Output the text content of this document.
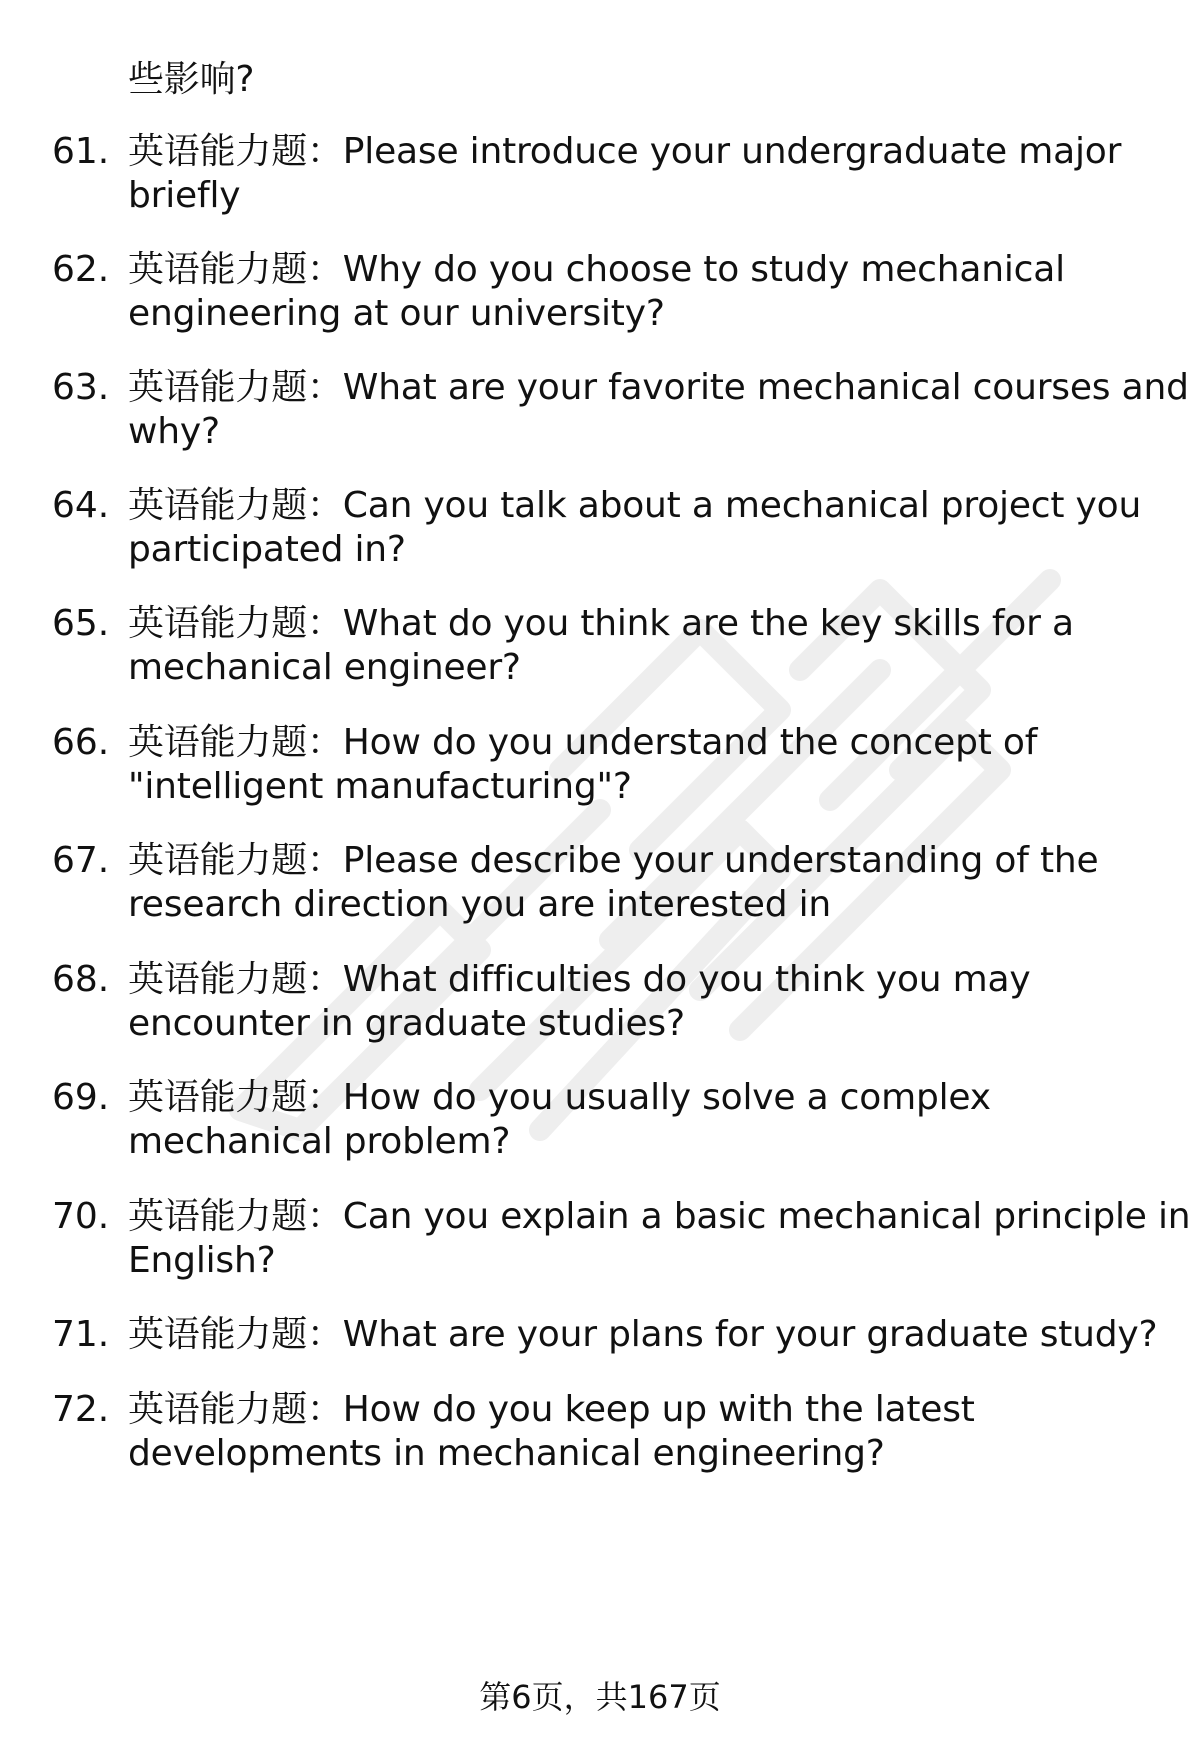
些影响?
61. 英语能力题：Please introduce your undergraduate major
briefly
62. 英语能力题：Why do you choose to study mechanical
engineering at our university?
63. 英语能力题：What are your favorite mechanical courses and
why?
64. 英语能力题：Can you talk about a mechanical project you
participated in?
65. 英语能力题：What do you think are the key skills for a
mechanical engineer?
66. 英语能力题：How do you understand the concept of
"intelligent manufacturing"?
67. 英语能力题：Please describe your understanding of the
research direction you are interested in
68. 英语能力题：What difficulties do you think you may
encounter in graduate studies?
69. 英语能力题：How do you usually solve a complex
mechanical problem?
70. 英语能力题：Can you explain a basic mechanical principle in
English?
71. 英语能力题：What are your plans for your graduate study?
72. 英语能力题：How do you keep up with the latest
developments in mechanical engineering?
第6页，共167页
